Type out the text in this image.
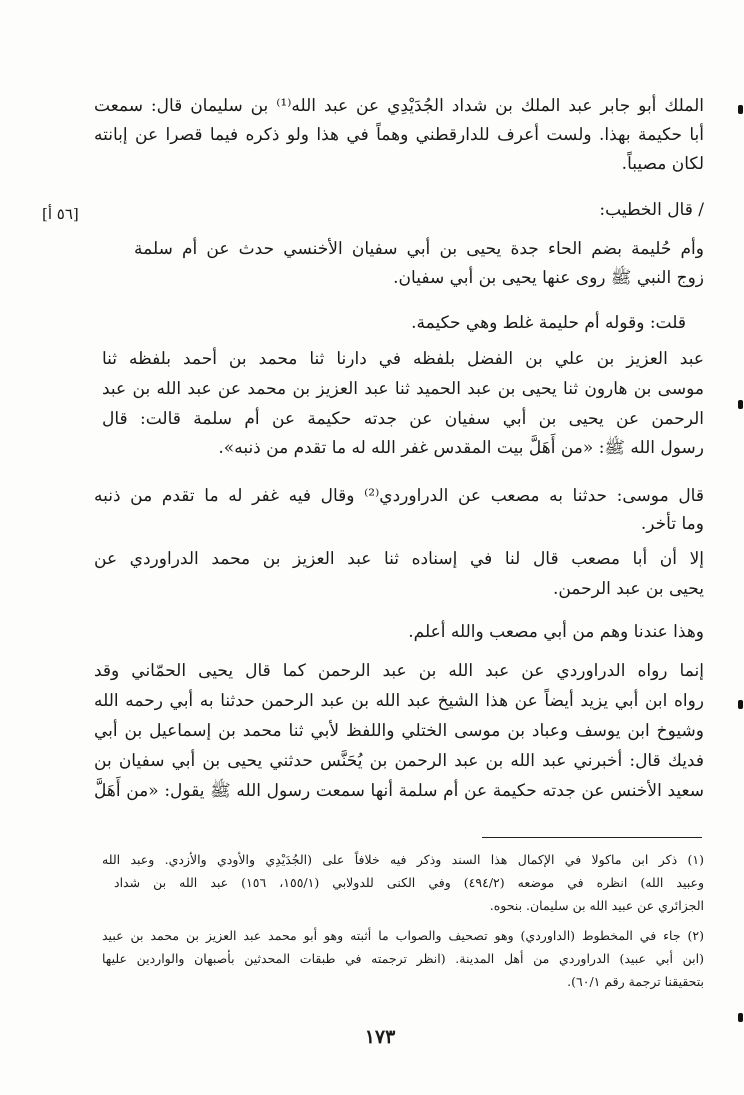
الملك أبو جابر عبد الملك بن شداد الجُدَيْدِي عن عبد الله⁽¹⁾ بن سليمان قال: سمعت
أبا حكيمة بهذا. ولست أعرف للدارقطني وهماً في هذا ولو ذكره فيما قصرا عن إبانته
لكان مصيباً.
/ قال الخطيب:
[٥٦ أ]
وأم حُليمة بضم الحاء جدة يحيى بن أبي سفيان الأخنسي حدث عن أم سلمة
زوج النبي ﷺ روى عنها يحيى بن أبي سفيان.
قلت: وقوله أم حليمة غلط وهي حكيمة.
عبد العزيز بن علي بن الفضل بلفظه في دارنا ثنا محمد بن أحمد بلفظه ثنا
موسى بن هارون ثنا يحيى بن عبد الحميد ثنا عبد العزيز بن محمد عن عبد الله بن عبد
الرحمن عن يحيى بن أبي سفيان عن جدته حكيمة عن أم سلمة قالت: قال
رسول الله ﷺ: «من أَهَلَّ بيت المقدس غفر الله له ما تقدم من ذنبه».
قال موسى: حدثنا به مصعب عن الدراوردي⁽²⁾ وقال فيه غفر له ما تقدم من ذنبه
وما تأخر.
إلا أن أبا مصعب قال لنا في إسناده ثنا عبد العزيز بن محمد الدراوردي عن
يحيى بن عبد الرحمن.
وهذا عندنا وهم من أبي مصعب والله أعلم.
إنما رواه الدراوردي عن عبد الله بن عبد الرحمن كما قال يحيى الحمّاني وقد
رواه ابن أبي يزيد أيضاً عن هذا الشيخ عبد الله بن عبد الرحمن حدثنا به أبي رحمه الله
وشيوخ ابن يوسف وعباد بن موسى الختلي واللفظ لأبي ثنا محمد بن إسماعيل بن أبي
فديك قال: أخبرني عبد الله بن عبد الرحمن بن يُحَنَّس حدثني يحيى بن أبي سفيان بن
سعيد الأخنس عن جدته حكيمة عن أم سلمة أنها سمعت رسول الله ﷺ يقول: «من أَهَلَّ
(١) ذكر ابن ماكولا في الإكمال هذا السند وذكر فيه خلافاً على (الجُدَيْدِي والأودي والأزدي. وعبد الله
وعبيد الله) انظره في موضعه (٤٩٤/٢) وفي الكنى للدولابي (١٥٥/١، ١٥٦) عبد الله بن شداد
الجزائري عن عبيد الله بن سليمان. بنحوه.
(٢) جاء في المخطوط (الداوردي) وهو تصحيف والصواب ما أثبته وهو أبو محمد عبد العزيز بن محمد بن عبيد
(ابن أبي عبيد) الدراوردي من أهل المدينة. (انظر ترجمته في طبقات المحدثين بأصبهان والواردين عليها
بتحقيقنا ترجمة رقم ٦٠/١).
١٧٣
